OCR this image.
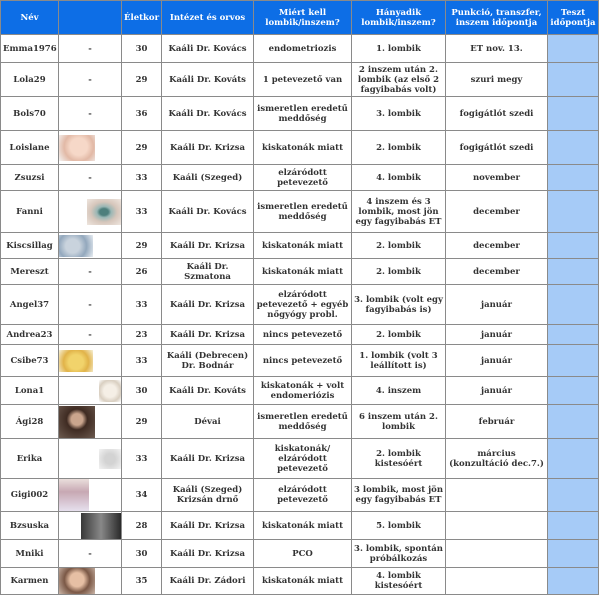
Név		Életkor	Intézet és orvos	Miért kell lombik/inszem?	Hányadik lombik/inszem?	Punkció, transzfer, inszem időpontja	Teszt időpontja
Emma1976	-	30	Kaáli Dr. Kovács	endometriozis	1. lombik	ET nov. 13.	
Lola29	-	29	Kaáli Dr. Kováts	1 petevezető van	2 inszem után 2. lombik (az első 2 fagyibabás volt)	szuri megy	
Bols70	-	36	Kaáli Dr. Kovács	ismeretlen eredetű meddőség	3. lombik	fogigátlót szedi	
Loislane		29	Kaáli Dr. Krizsa	kiskatonák miatt	2. lombik	fogigátlót szedi	
Zsuzsi	-	33	Kaáli (Szeged)	elzáródott petevezető	4. lombik	november	
Fanni		33	Kaáli Dr. Kovács	ismeretlen eredetű meddőség	4 inszem és 3 lombik, most jön egy fagyibabás ET	december	
Kiscsillag		29	Kaáli Dr. Krizsa	kiskatonák miatt	2. lombik	december	
Mereszt	-	26	Kaáli Dr. Szmatona	kiskatonák miatt	2. lombik	december	
Angel37	-	33	Kaáli Dr. Krizsa	elzáródott petevezető + egyéb nőgyógy probl.	3. lombik (volt egy fagyibabás is)	január	
Andrea23	-	23	Kaáli Dr. Krizsa	nincs petevezető	2. lombik	január	
Csibe73		33	Kaáli (Debrecen) Dr. Bodnár	nincs petevezető	1. lombik (volt 3 leállított is)	január	
Lona1		30	Kaáli Dr. Kováts	kiskatonák + volt endomeriózis	4. inszem	január	
Ági28		29	Dévai	ismeretlen eredetű meddőség	6 inszem után 2. lombik	február	
Erika		33	Kaáli Dr. Krizsa	kiskatonák/ elzáródott petevezető	2. lombik kistesóért	március (konzultáció dec.7.)	
Gigi002		34	Kaáli (Szeged) Krizsán drnő	elzáródott petevezető	3 lombik, most jön egy fagyibabás ET		
Bzsuska		28	Kaáli Dr. Krizsa	kiskatonák miatt	5. lombik		
Mniki	-	30	Kaáli Dr. Krizsa	PCO	3. lombik, spontán próbálkozás		
Karmen		35	Kaáli Dr. Zádori	kiskatonák miatt	4. lombik kistesóért		
